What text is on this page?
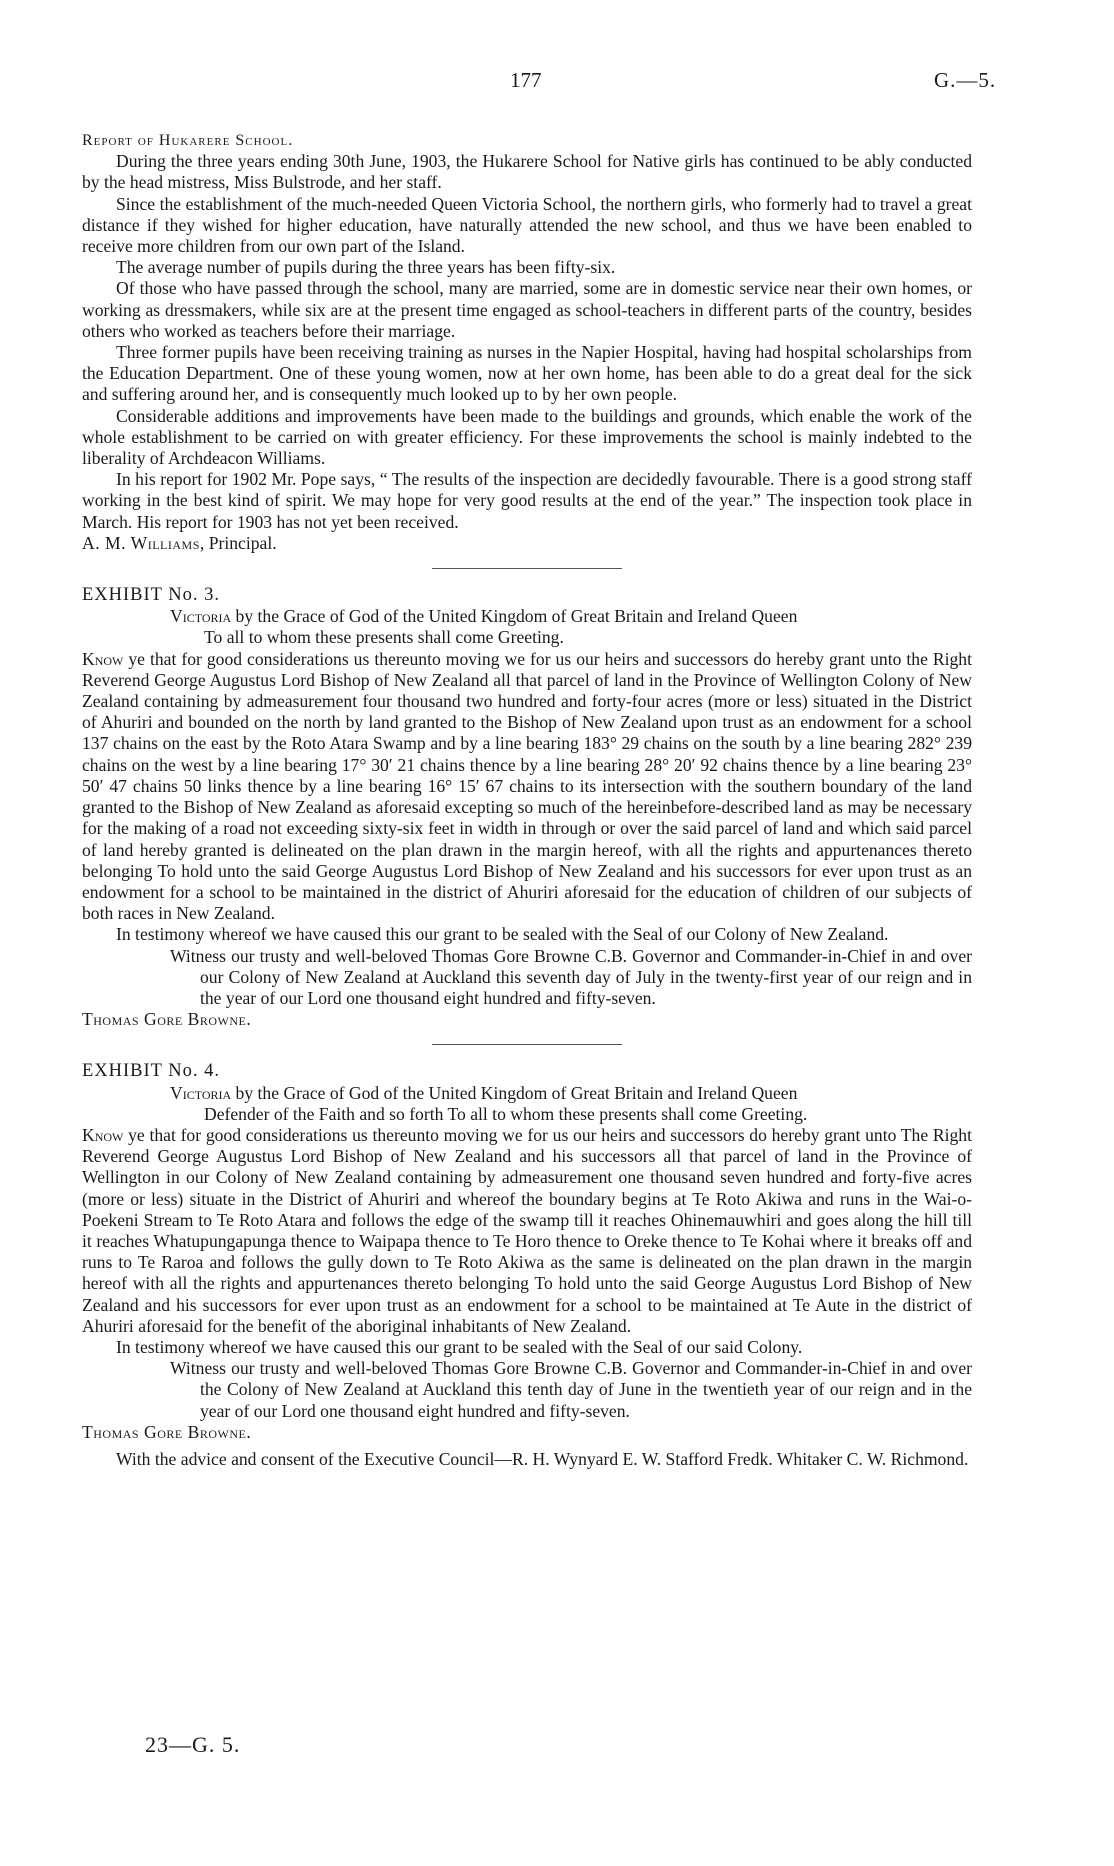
177	G.—5.

Report of Hukarere School.

During the three years ending 30th June, 1903, the Hukarere School for Native girls has continued to be ably conducted by the head mistress, Miss Bulstrode, and her staff.

Since the establishment of the much-needed Queen Victoria School, the northern girls, who formerly had to travel a great distance if they wished for higher education, have naturally attended the new school, and thus we have been enabled to receive more children from our own part of the Island.

The average number of pupils during the three years has been fifty-six.

Of those who have passed through the school, many are married, some are in domestic service near their own homes, or working as dressmakers, while six are at the present time engaged as school-teachers in different parts of the country, besides others who worked as teachers before their marriage.

Three former pupils have been receiving training as nurses in the Napier Hospital, having had hospital scholarships from the Education Department. One of these young women, now at her own home, has been able to do a great deal for the sick and suffering around her, and is consequently much looked up to by her own people.

Considerable additions and improvements have been made to the buildings and grounds, which enable the work of the whole establishment to be carried on with greater efficiency. For these improvements the school is mainly indebted to the liberality of Archdeacon Williams.

In his report for 1902 Mr. Pope says, “ The results of the inspection are decidedly favourable. There is a good strong staff working in the best kind of spirit. We may hope for very good results at the end of the year.” The inspection took place in March. His report for 1903 has not yet been received.

A. M. Williams, Principal.

EXHIBIT No. 3.

Victoria by the Grace of God of the United Kingdom of Great Britain and Ireland Queen

To all to whom these presents shall come Greeting.

Know ye that for good considerations us thereunto moving we for us our heirs and successors do hereby grant unto the Right Reverend George Augustus Lord Bishop of New Zealand all that parcel of land in the Province of Wellington Colony of New Zealand containing by admeasurement four thousand two hundred and forty-four acres (more or less) situated in the District of Ahuriri and bounded on the north by land granted to the Bishop of New Zealand upon trust as an endowment for a school 137 chains on the east by the Roto Atara Swamp and by a line bearing 183° 29 chains on the south by a line bearing 282° 239 chains on the west by a line bearing 17° 30′ 21 chains thence by a line bearing 28° 20′ 92 chains thence by a line bearing 23° 50′ 47 chains 50 links thence by a line bearing 16° 15′ 67 chains to its intersection with the southern boundary of the land granted to the Bishop of New Zealand as aforesaid excepting so much of the hereinbefore-described land as may be necessary for the making of a road not exceeding sixty-six feet in width in through or over the said parcel of land and which said parcel of land hereby granted is delineated on the plan drawn in the margin hereof, with all the rights and appurtenances thereto belonging To hold unto the said George Augustus Lord Bishop of New Zealand and his successors for ever upon trust as an endowment for a school to be maintained in the district of Ahuriri aforesaid for the education of children of our subjects of both races in New Zealand.

In testimony whereof we have caused this our grant to be sealed with the Seal of our Colony of New Zealand.

Witness our trusty and well-beloved Thomas Gore Browne C.B. Governor and Commander-in-Chief in and over our Colony of New Zealand at Auckland this seventh day of July in the twenty-first year of our reign and in the year of our Lord one thousand eight hundred and fifty-seven.

Thomas Gore Browne.

EXHIBIT No. 4.

Victoria by the Grace of God of the United Kingdom of Great Britain and Ireland Queen

Defender of the Faith and so forth To all to whom these presents shall come Greeting.

Know ye that for good considerations us thereunto moving we for us our heirs and successors do hereby grant unto The Right Reverend George Augustus Lord Bishop of New Zealand and his successors all that parcel of land in the Province of Wellington in our Colony of New Zealand containing by admeasurement one thousand seven hundred and forty-five acres (more or less) situate in the District of Ahuriri and whereof the boundary begins at Te Roto Akiwa and runs in the Wai-o-Poekeni Stream to Te Roto Atara and follows the edge of the swamp till it reaches Ohinemauwhiri and goes along the hill till it reaches Whatupungapunga thence to Waipapa thence to Te Horo thence to Oreke thence to Te Kohai where it breaks off and runs to Te Raroa and follows the gully down to Te Roto Akiwa as the same is delineated on the plan drawn in the margin hereof with all the rights and appurtenances thereto belonging To hold unto the said George Augustus Lord Bishop of New Zealand and his successors for ever upon trust as an endowment for a school to be maintained at Te Aute in the district of Ahuriri aforesaid for the benefit of the aboriginal inhabitants of New Zealand.

In testimony whereof we have caused this our grant to be sealed with the Seal of our said Colony.

Witness our trusty and well-beloved Thomas Gore Browne C.B. Governor and Commander-in-Chief in and over the Colony of New Zealand at Auckland this tenth day of June in the twentieth year of our reign and in the year of our Lord one thousand eight hundred and fifty-seven.

Thomas Gore Browne.

With the advice and consent of the Executive Council—R. H. Wynyard E. W. Stafford Fredk. Whitaker C. W. Richmond.

23—G. 5.
